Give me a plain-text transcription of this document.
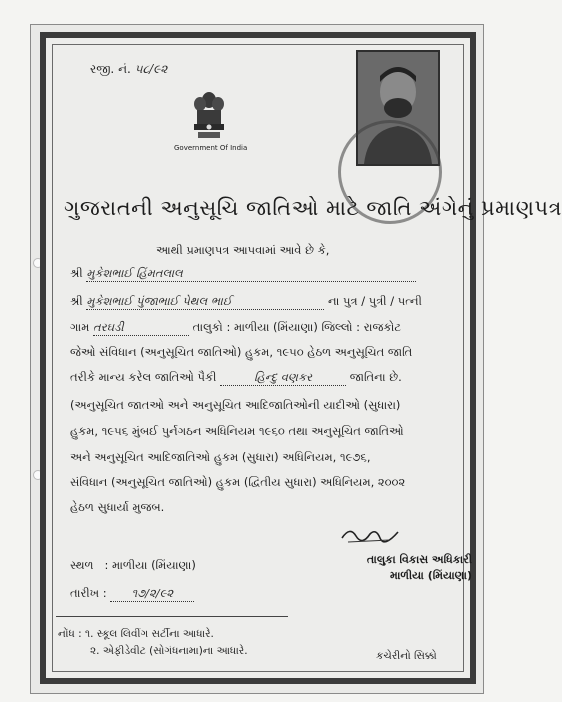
રજી. નં. ૫૮/૯૨
Government Of India
ગુજરાતની અનુસૂચિ જાતિઓ માટે જાતિ અંગેનું પ્રમાણપત્ર
આથી પ્રમાણપત્ર આપવામાં આવે છે કે,
શ્રી મુકેશભાઈ હિંમતલાલ
શ્રી મુકેશભાઈ પુંજાભાઈ પેથલ ભાઈ	ના પુત્ર / પુત્રી / પત્ની
ગામ તરઘડી	તાલુકો : માળીયા (મિંયાણા) જિલ્લો : રાજકોટ
જેઓ સંવિધાન (અનુસૂચિત જાતિઓ) હુકમ, ૧૯૫૦ હેઠળ અનુસૂચિત જાતિ
તરીકે માન્ય કરેલ જાતિઓ પૈકી	હિન્દુ વણકર	જાતિના છે.
(અનુસૂચિત જાતઓ અને અનુસૂચિત આદિજાતિઓની યાદીઓ (સુધારા)
હુકમ, ૧૯૫૬ મુંબઈ પુર્નગઠન અધિનિયમ ૧૯૬૦ તથા અનુસૂચિત જાતિઓ
અને અનુસૂચિત આદિજાતિઓ હુકમ (સુધારા) અધિનિયમ, ૧૯૭૬,
સંવિધાન (અનુસૂચિત જાતિઓ) હુકમ (દ્વિતીય સુધારા) અધિનિયમ, ૨૦૦૨
હેઠળ સુધાર્યા મુજબ.
સ્થળ : માળીયા (મિંયાણા)	તાલુકા વિકાસ અધિકારી
માળીયા (મિંયાણા)
તારીખ : ૧૭/૨/૯૨
નોંધ : ૧. સ્કૂલ લિવીંગ સર્ટીના આધારે.
૨. એફીડેવીટ (સોગંધનામા)ના આધારે.	કચેરીનો સિક્કો
